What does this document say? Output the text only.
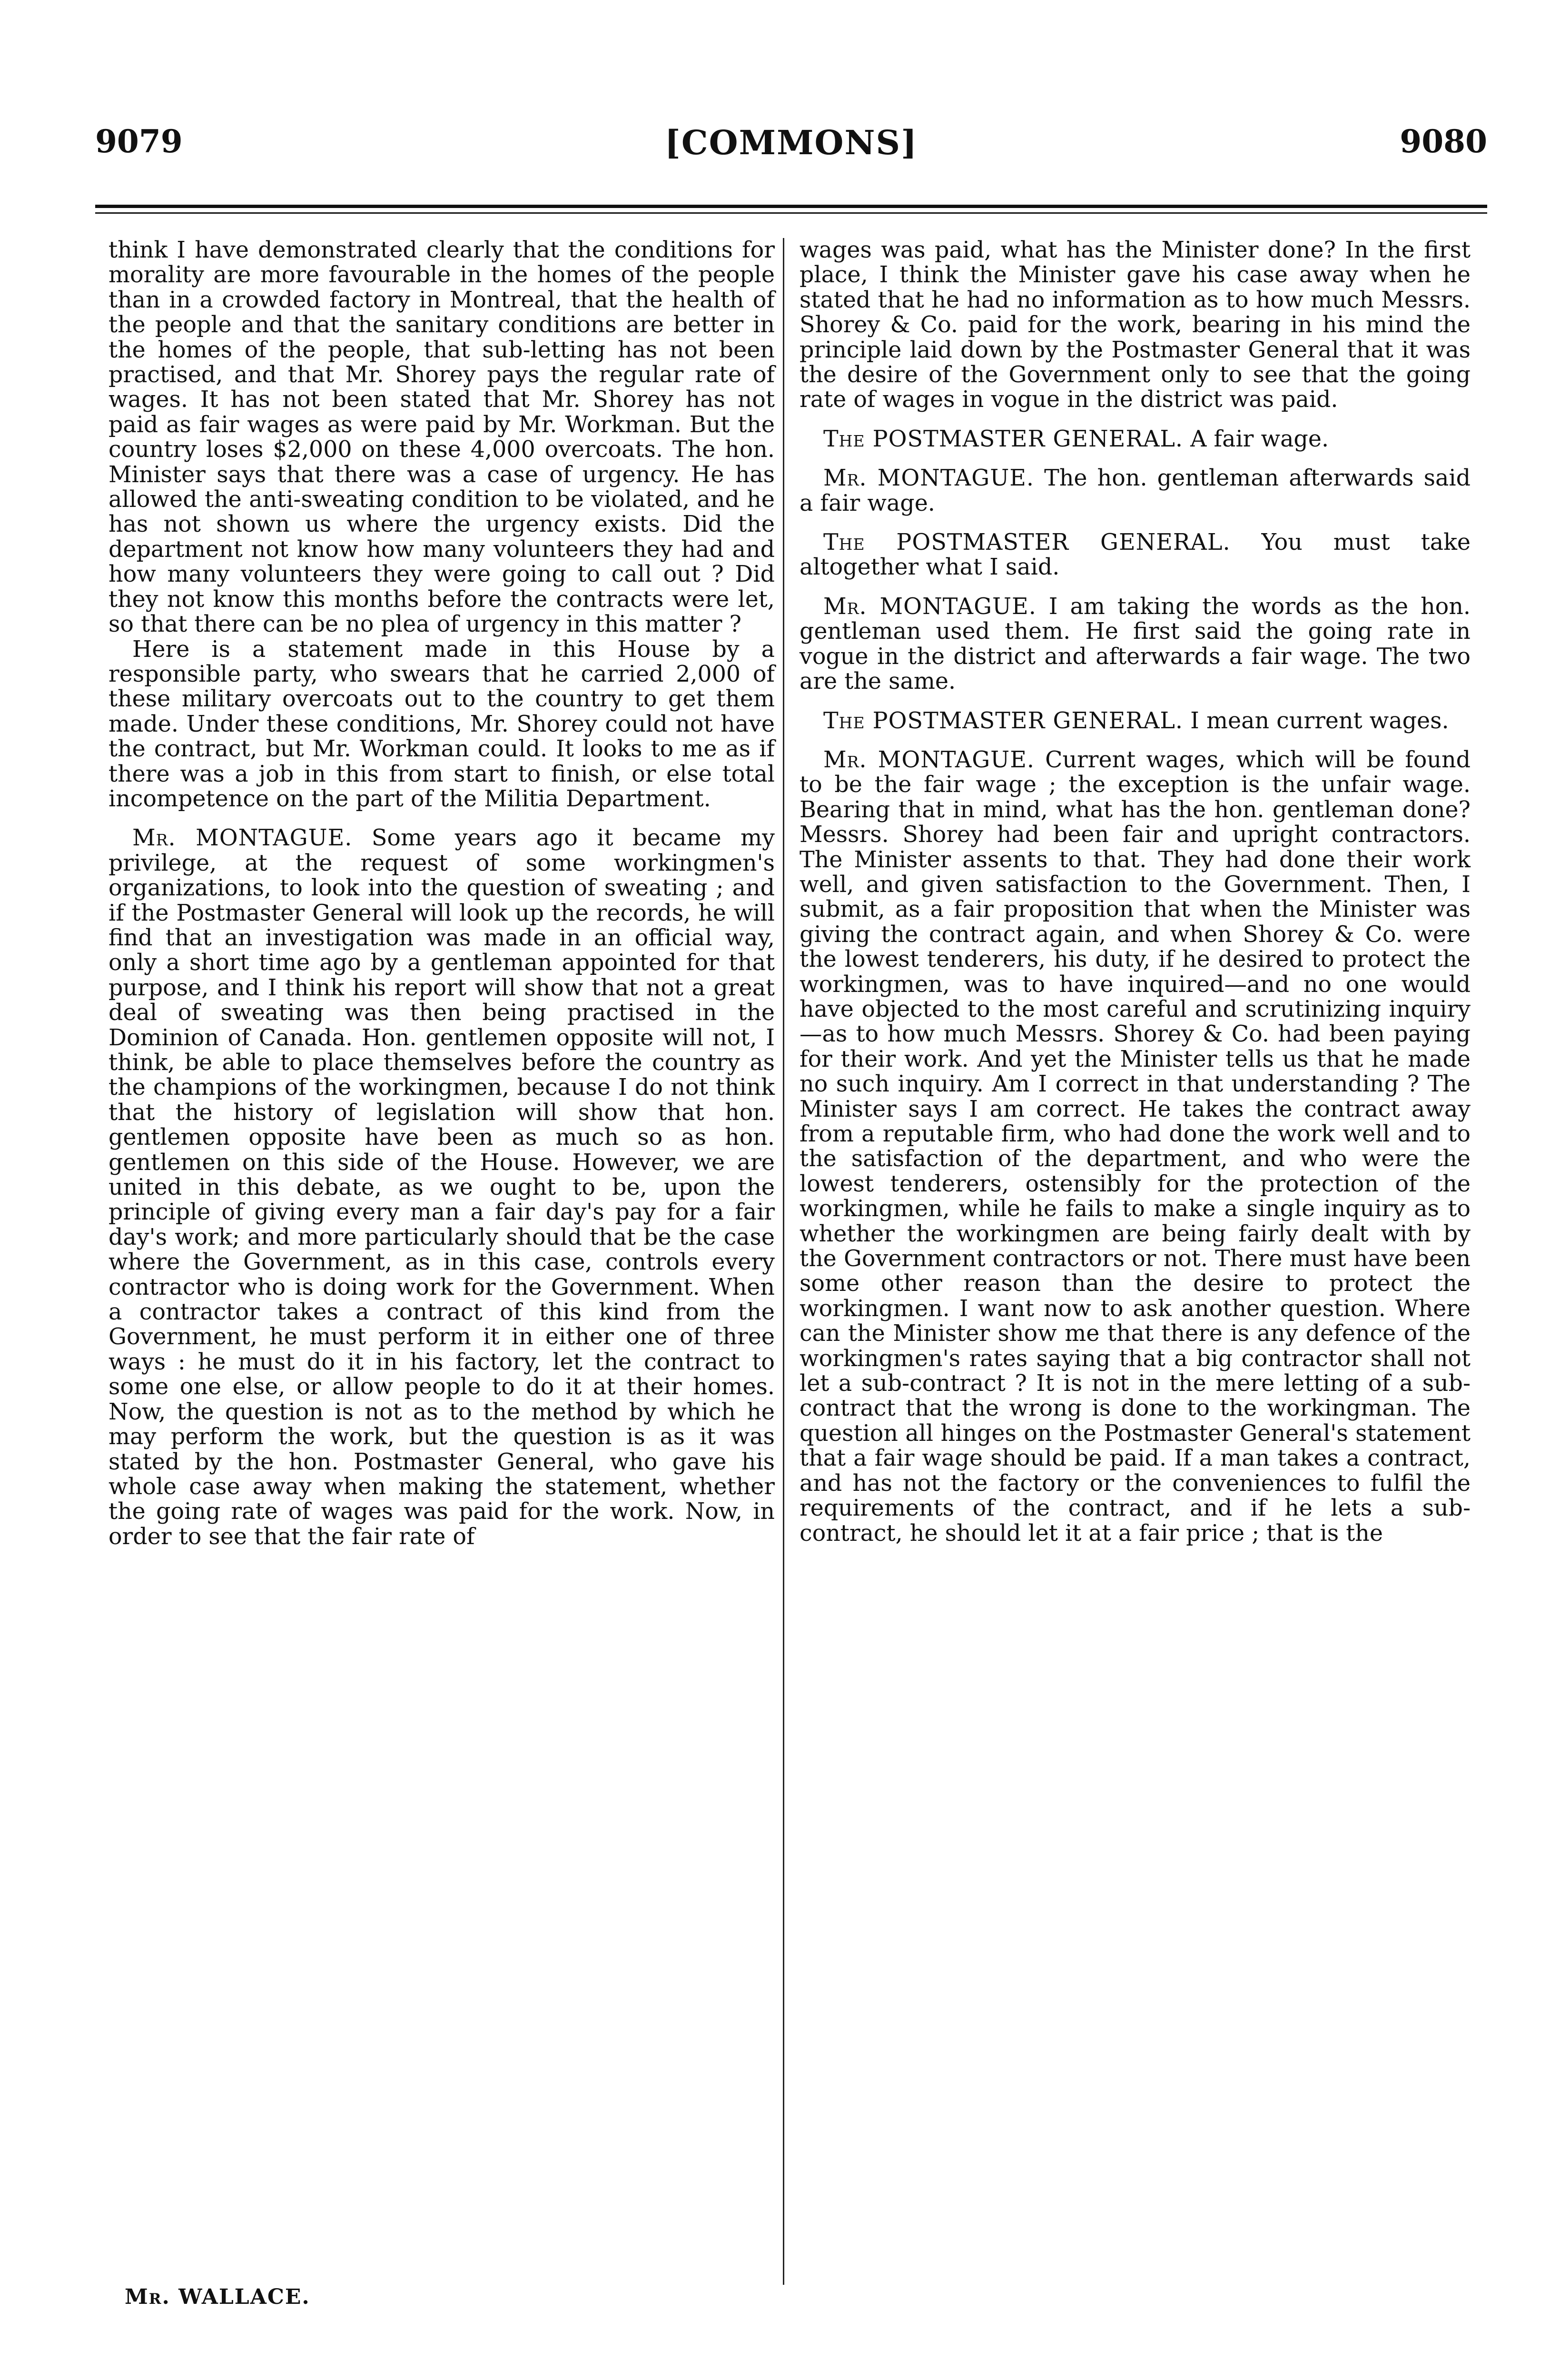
9079	[COMMONS]	9080

think I have demonstrated clearly that the conditions for morality are more favourable in the homes of the people than in a crowded factory in Montreal, that the health of the people and that the sanitary conditions are better in the homes of the people, that sub-letting has not been practised, and that Mr. Shorey pays the regular rate of wages. It has not been stated that Mr. Shorey has not paid as fair wages as were paid by Mr. Workman. But the country loses $2,000 on these 4,000 overcoats. The hon. Minister says that there was a case of urgency. He has allowed the anti-sweating condition to be violated, and he has not shown us where the urgency exists. Did the department not know how many volunteers they had and how many volunteers they were going to call out ? Did they not know this months before the contracts were let, so that there can be no plea of urgency in this matter ?

Here is a statement made in this House by a responsible party, who swears that he carried 2,000 of these military overcoats out to the country to get them made. Under these conditions, Mr. Shorey could not have the contract, but Mr. Workman could. It looks to me as if there was a job in this from start to finish, or else total incompetence on the part of the Militia Department.

Mr. MONTAGUE. Some years ago it became my privilege, at the request of some workingmen's organizations, to look into the question of sweating ; and if the Postmaster General will look up the records, he will find that an investigation was made in an official way, only a short time ago by a gentleman appointed for that purpose, and I think his report will show that not a great deal of sweating was then being practised in the Dominion of Canada. Hon. gentlemen opposite will not, I think, be able to place themselves before the country as the champions of the workingmen, because I do not think that the history of legislation will show that hon. gentlemen opposite have been as much so as hon. gentlemen on this side of the House. However, we are united in this debate, as we ought to be, upon the principle of giving every man a fair day's pay for a fair day's work; and more particularly should that be the case where the Government, as in this case, controls every contractor who is doing work for the Government. When a contractor takes a contract of this kind from the Government, he must perform it in either one of three ways : he must do it in his factory, let the contract to some one else, or allow people to do it at their homes. Now, the question is not as to the method by which he may perform the work, but the question is as it was stated by the hon. Postmaster General, who gave his whole case away when making the statement, whether the going rate of wages was paid for the work. Now, in order to see that the fair rate of

wages was paid, what has the Minister done? In the first place, I think the Minister gave his case away when he stated that he had no information as to how much Messrs. Shorey & Co. paid for the work, bearing in his mind the principle laid down by the Postmaster General that it was the desire of the Government only to see that the going rate of wages in vogue in the district was paid.

The POSTMASTER GENERAL. A fair wage.

Mr. MONTAGUE. The hon. gentleman afterwards said a fair wage.

The POSTMASTER GENERAL. You must take altogether what I said.

Mr. MONTAGUE. I am taking the words as the hon. gentleman used them. He first said the going rate in vogue in the district and afterwards a fair wage. The two are the same.

The POSTMASTER GENERAL. I mean current wages.

Mr. MONTAGUE. Current wages, which will be found to be the fair wage ; the exception is the unfair wage. Bearing that in mind, what has the hon. gentleman done? Messrs. Shorey had been fair and upright contractors. The Minister assents to that. They had done their work well, and given satisfaction to the Government. Then, I submit, as a fair proposition that when the Minister was giving the contract again, and when Shorey & Co. were the lowest tenderers, his duty, if he desired to protect the workingmen, was to have inquired—and no one would have objected to the most careful and scrutinizing inquiry—as to how much Messrs. Shorey & Co. had been paying for their work. And yet the Minister tells us that he made no such inquiry. Am I correct in that understanding ? The Minister says I am correct. He takes the contract away from a reputable firm, who had done the work well and to the satisfaction of the department, and who were the lowest tenderers, ostensibly for the protection of the workingmen, while he fails to make a single inquiry as to whether the workingmen are being fairly dealt with by the Government contractors or not. There must have been some other reason than the desire to protect the workingmen. I want now to ask another question. Where can the Minister show me that there is any defence of the workingmen's rates saying that a big contractor shall not let a sub-contract ? It is not in the mere letting of a sub-contract that the wrong is done to the workingman. The question all hinges on the Postmaster General's statement that a fair wage should be paid. If a man takes a contract, and has not the factory or the conveniences to fulfil the requirements of the contract, and if he lets a sub-contract, he should let it at a fair price ; that is the

Mr. WALLACE.
